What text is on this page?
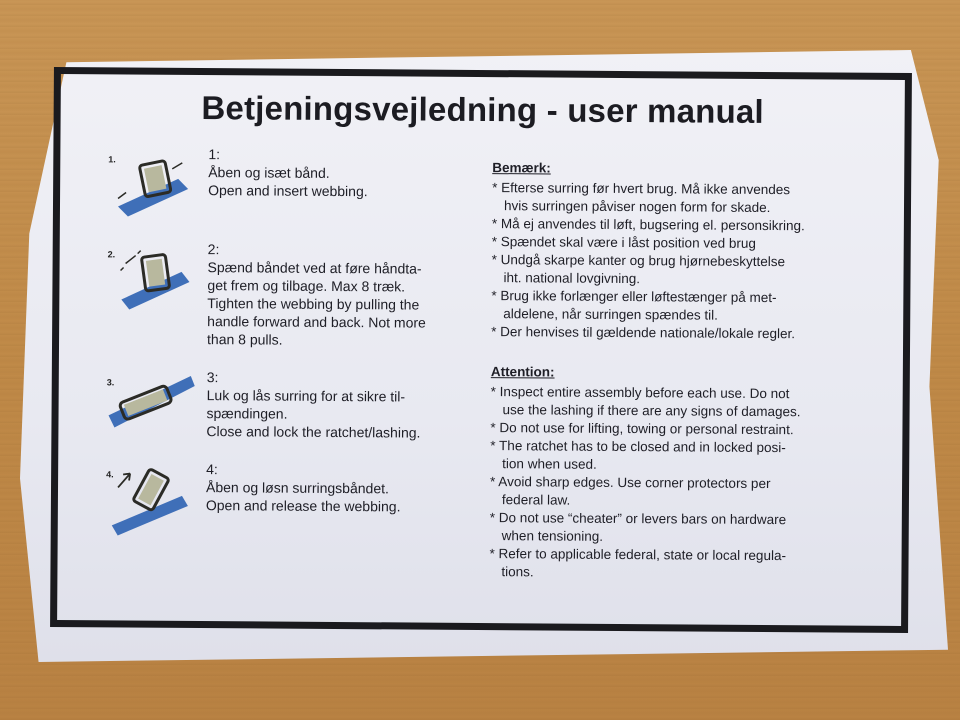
Betjeningsvejledning - user manual
1.	1:
Åben og isæt bånd.
Open and insert webbing.
2.	2:
Spænd båndet ved at føre håndta-
get frem og tilbage. Max 8 træk.
Tighten the webbing by pulling the
handle forward and back. Not more
than 8 pulls.
3.	3:
Luk og lås surring for at sikre til-
spændingen.
Close and lock the ratchet/lashing.
4.	4:
Åben og løsn surringsbåndet.
Open and release the webbing.
Bemærk:
* Efterse surring før hvert brug. Må ikke anvendes
hvis surringen påviser nogen form for skade.
* Må ej anvendes til løft, bugsering el. personsikring.
* Spændet skal være i låst position ved brug
* Undgå skarpe kanter og brug hjørnebeskyttelse
iht. national lovgivning.
* Brug ikke forlænger eller løftestænger på met-
aldelene, når surringen spændes til.
* Der henvises til gældende nationale/lokale regler.
Attention:
* Inspect entire assembly before each use. Do not
use the lashing if there are any signs of damages.
* Do not use for lifting, towing or personal restraint.
* The ratchet has to be closed and in locked posi-
tion when used.
* Avoid sharp edges. Use corner protectors per
federal law.
* Do not use “cheater” or levers bars on hardware
when tensioning.
* Refer to applicable federal, state or local regula-
tions.
